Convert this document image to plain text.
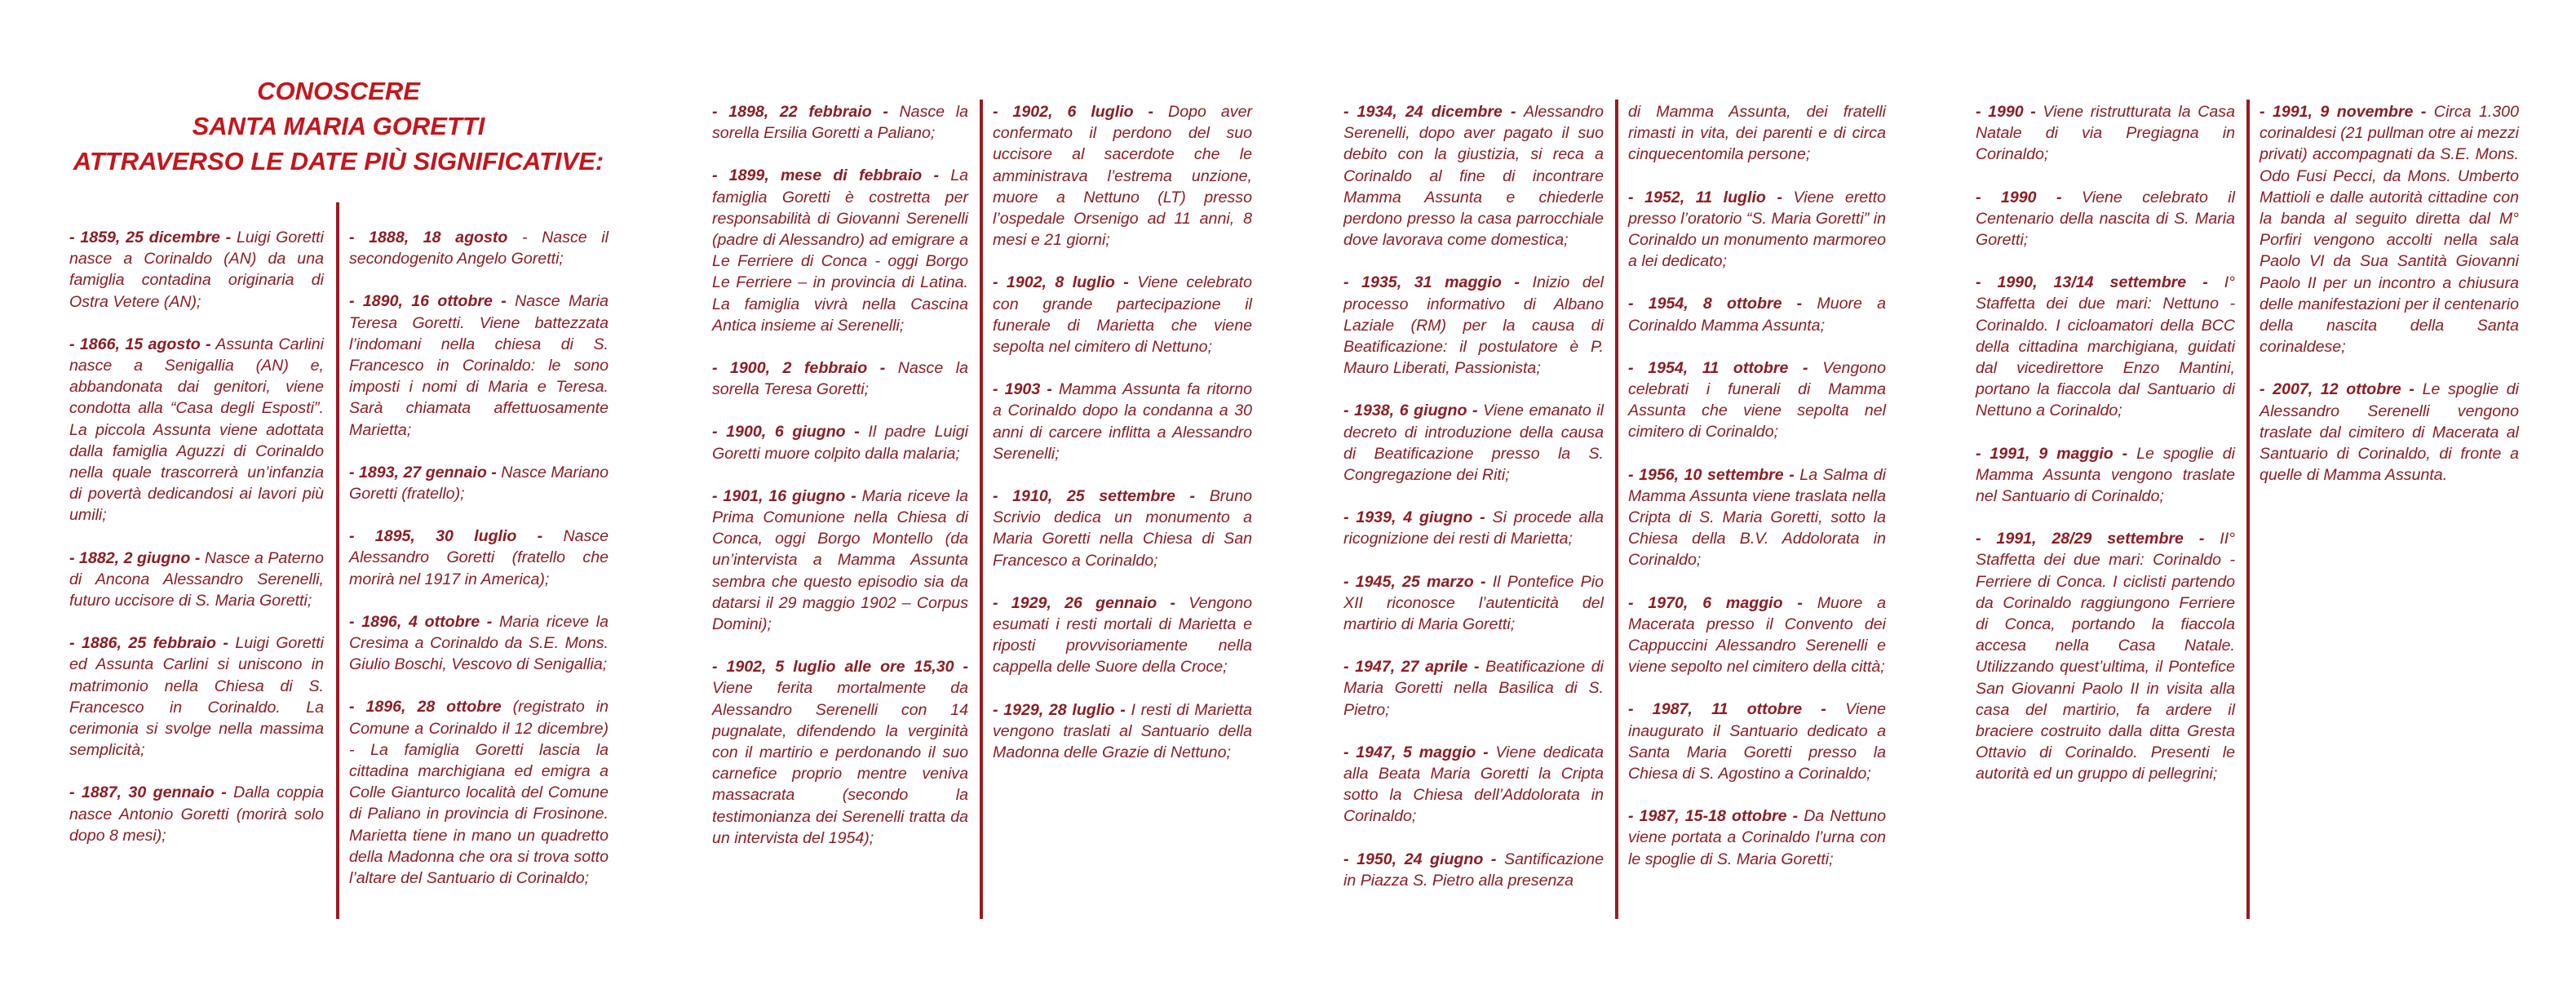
CONOSCERE
SANTA MARIA GORETTI
ATTRAVERSO LE DATE PIÙ SIGNIFICATIVE:
- 1859, 25 dicembre - Luigi Goretti nasce a Corinaldo (AN) da una famiglia contadina originaria di Ostra Vetere (AN);
- 1866, 15 agosto - Assunta Carlini nasce a Senigallia (AN) e, abbandonata dai genitori, viene condotta alla “Casa degli Esposti”. La piccola Assunta viene adottata dalla famiglia Aguzzi di Corinaldo nella quale trascorrerà un’infanzia di povertà dedicandosi ai lavori più umili;
- 1882, 2 giugno - Nasce a Paterno di Ancona Alessandro Serenelli, futuro uccisore di S. Maria Goretti;
- 1886, 25 febbraio - Luigi Goretti ed Assunta Carlini si uniscono in matrimonio nella Chiesa di S. Francesco in Corinaldo. La cerimonia si svolge nella massima semplicità;
- 1887, 30 gennaio - Dalla coppia nasce Antonio Goretti (morirà solo dopo 8 mesi);
- 1888, 18 agosto - Nasce il secondogenito Angelo Goretti;
- 1890, 16 ottobre - Nasce Maria Teresa Goretti. Viene battezzata l’indomani nella chiesa di S. Francesco in Corinaldo: le sono imposti i nomi di Maria e Teresa. Sarà chiamata affettuosamente Marietta;
- 1893, 27 gennaio - Nasce Mariano Goretti (fratello);
- 1895, 30 luglio - Nasce Alessandro Goretti (fratello che morirà nel 1917 in America);
- 1896, 4 ottobre - Maria riceve la Cresima a Corinaldo da S.E. Mons. Giulio Boschi, Vescovo di Senigallia;
- 1896, 28 ottobre (registrato in Comune a Corinaldo il 12 dicembre) - La famiglia Goretti lascia la cittadina marchigiana ed emigra a Colle Gianturco località del Comune di Paliano in provincia di Frosinone. Marietta tiene in mano un quadretto della Madonna che ora si trova sotto l’altare del Santuario di Corinaldo;
- 1898, 22 febbraio - Nasce la sorella Ersilia Goretti a Paliano;
- 1899, mese di febbraio - La famiglia Goretti è costretta per responsabilità di Giovanni Serenelli (padre di Alessandro) ad emigrare a Le Ferriere di Conca - oggi Borgo Le Ferriere – in provincia di Latina. La famiglia vivrà nella Cascina Antica insieme ai Serenelli;
- 1900, 2 febbraio - Nasce la sorella Teresa Goretti;
- 1900, 6 giugno - Il padre Luigi Goretti muore colpito dalla malaria;
- 1901, 16 giugno - Maria riceve la Prima Comunione nella Chiesa di Conca, oggi Borgo Montello (da un’intervista a Mamma Assunta sembra che questo episodio sia da datarsi il 29 maggio 1902 – Corpus Domini);
- 1902, 5 luglio alle ore 15,30 - Viene ferita mortalmente da Alessandro Serenelli con 14 pugnalate, difendendo la verginità con il martirio e perdonando il suo carnefice proprio mentre veniva massacrata (secondo la testimonianza dei Serenelli tratta da un intervista del 1954);
- 1902, 6 luglio - Dopo aver confermato il perdono del suo uccisore al sacerdote che le amministrava l’estrema unzione, muore a Nettuno (LT) presso l’ospedale Orsenigo ad 11 anni, 8 mesi e 21 giorni;
- 1902, 8 luglio - Viene celebrato con grande partecipazione il funerale di Marietta che viene sepolta nel cimitero di Nettuno;
- 1903 - Mamma Assunta fa ritorno a Corinaldo dopo la condanna a 30 anni di carcere inflitta a Alessandro Serenelli;
- 1910, 25 settembre - Bruno Scrivio dedica un monumento a Maria Goretti nella Chiesa di San Francesco a Corinaldo;
- 1929, 26 gennaio - Vengono esumati i resti mortali di Marietta e riposti provvisoriamente nella cappella delle Suore della Croce;
- 1929, 28 luglio - I resti di Marietta vengono traslati al Santuario della Madonna delle Grazie di Nettuno;
- 1934, 24 dicembre - Alessandro Serenelli, dopo aver pagato il suo debito con la giustizia, si reca a Corinaldo al fine di incontrare Mamma Assunta e chiederle perdono presso la casa parrocchiale dove lavorava come domestica;
- 1935, 31 maggio - Inizio del processo informativo di Albano Laziale (RM) per la causa di Beatificazione: il postulatore è P. Mauro Liberati, Passionista;
- 1938, 6 giugno - Viene emanato il decreto di introduzione della causa di Beatificazione presso la S. Congregazione dei Riti;
- 1939, 4 giugno - Si procede alla ricognizione dei resti di Marietta;
- 1945, 25 marzo - Il Pontefice Pio XII riconosce l’autenticità del martirio di Maria Goretti;
- 1947, 27 aprile - Beatificazione di Maria Goretti nella Basilica di S. Pietro;
- 1947, 5 maggio - Viene dedicata alla Beata Maria Goretti la Cripta sotto la Chiesa dell’Addolorata in Corinaldo;
- 1950, 24 giugno - Santificazione in Piazza S. Pietro alla presenza
di Mamma Assunta, dei fratelli rimasti in vita, dei parenti e di circa cinquecentomila persone;
- 1952, 11 luglio - Viene eretto presso l’oratorio “S. Maria Goretti” in Corinaldo un monumento marmoreo a lei dedicato;
- 1954, 8 ottobre - Muore a Corinaldo Mamma Assunta;
- 1954, 11 ottobre - Vengono celebrati i funerali di Mamma Assunta che viene sepolta nel cimitero di Corinaldo;
- 1956, 10 settembre - La Salma di Mamma Assunta viene traslata nella Cripta di S. Maria Goretti, sotto la Chiesa della B.V. Addolorata in Corinaldo;
- 1970, 6 maggio - Muore a Macerata presso il Convento dei Cappuccini Alessandro Serenelli e viene sepolto nel cimitero della città;
- 1987, 11 ottobre - Viene inaugurato il Santuario dedicato a Santa Maria Goretti presso la Chiesa di S. Agostino a Corinaldo;
- 1987, 15-18 ottobre - Da Nettuno viene portata a Corinaldo l’urna con le spoglie di S. Maria Goretti;
- 1990 - Viene ristrutturata la Casa Natale di via Pregiagna in Corinaldo;
- 1990 - Viene celebrato il Centenario della nascita di S. Maria Goretti;
- 1990, 13/14 settembre - I° Staffetta dei due mari: Nettuno - Corinaldo. I cicloamatori della BCC della cittadina marchigiana, guidati dal vicedirettore Enzo Mantini, portano la fiaccola dal Santuario di Nettuno a Corinaldo;
- 1991, 9 maggio - Le spoglie di Mamma Assunta vengono traslate nel Santuario di Corinaldo;
- 1991, 28/29 settembre - II° Staffetta dei due mari: Corinaldo - Ferriere di Conca. I ciclisti partendo da Corinaldo raggiungono Ferriere di Conca, portando la fiaccola accesa nella Casa Natale. Utilizzando quest’ultima, il Pontefice San Giovanni Paolo II in visita alla casa del martirio, fa ardere il braciere costruito dalla ditta Gresta Ottavio di Corinaldo. Presenti le autorità ed un gruppo di pellegrini;
- 1991, 9 novembre - Circa 1.300 corinaldesi (21 pullman otre ai mezzi privati) accompagnati da S.E. Mons. Odo Fusi Pecci, da Mons. Umberto Mattioli e dalle autorità cittadine con la banda al seguito diretta dal M° Porfiri vengono accolti nella sala Paolo VI da Sua Santità Giovanni Paolo II per un incontro a chiusura delle manifestazioni per il centenario della nascita della Santa corinaldese;
- 2007, 12 ottobre - Le spoglie di Alessandro Serenelli vengono traslate dal cimitero di Macerata al Santuario di Corinaldo, di fronte a quelle di Mamma Assunta.
